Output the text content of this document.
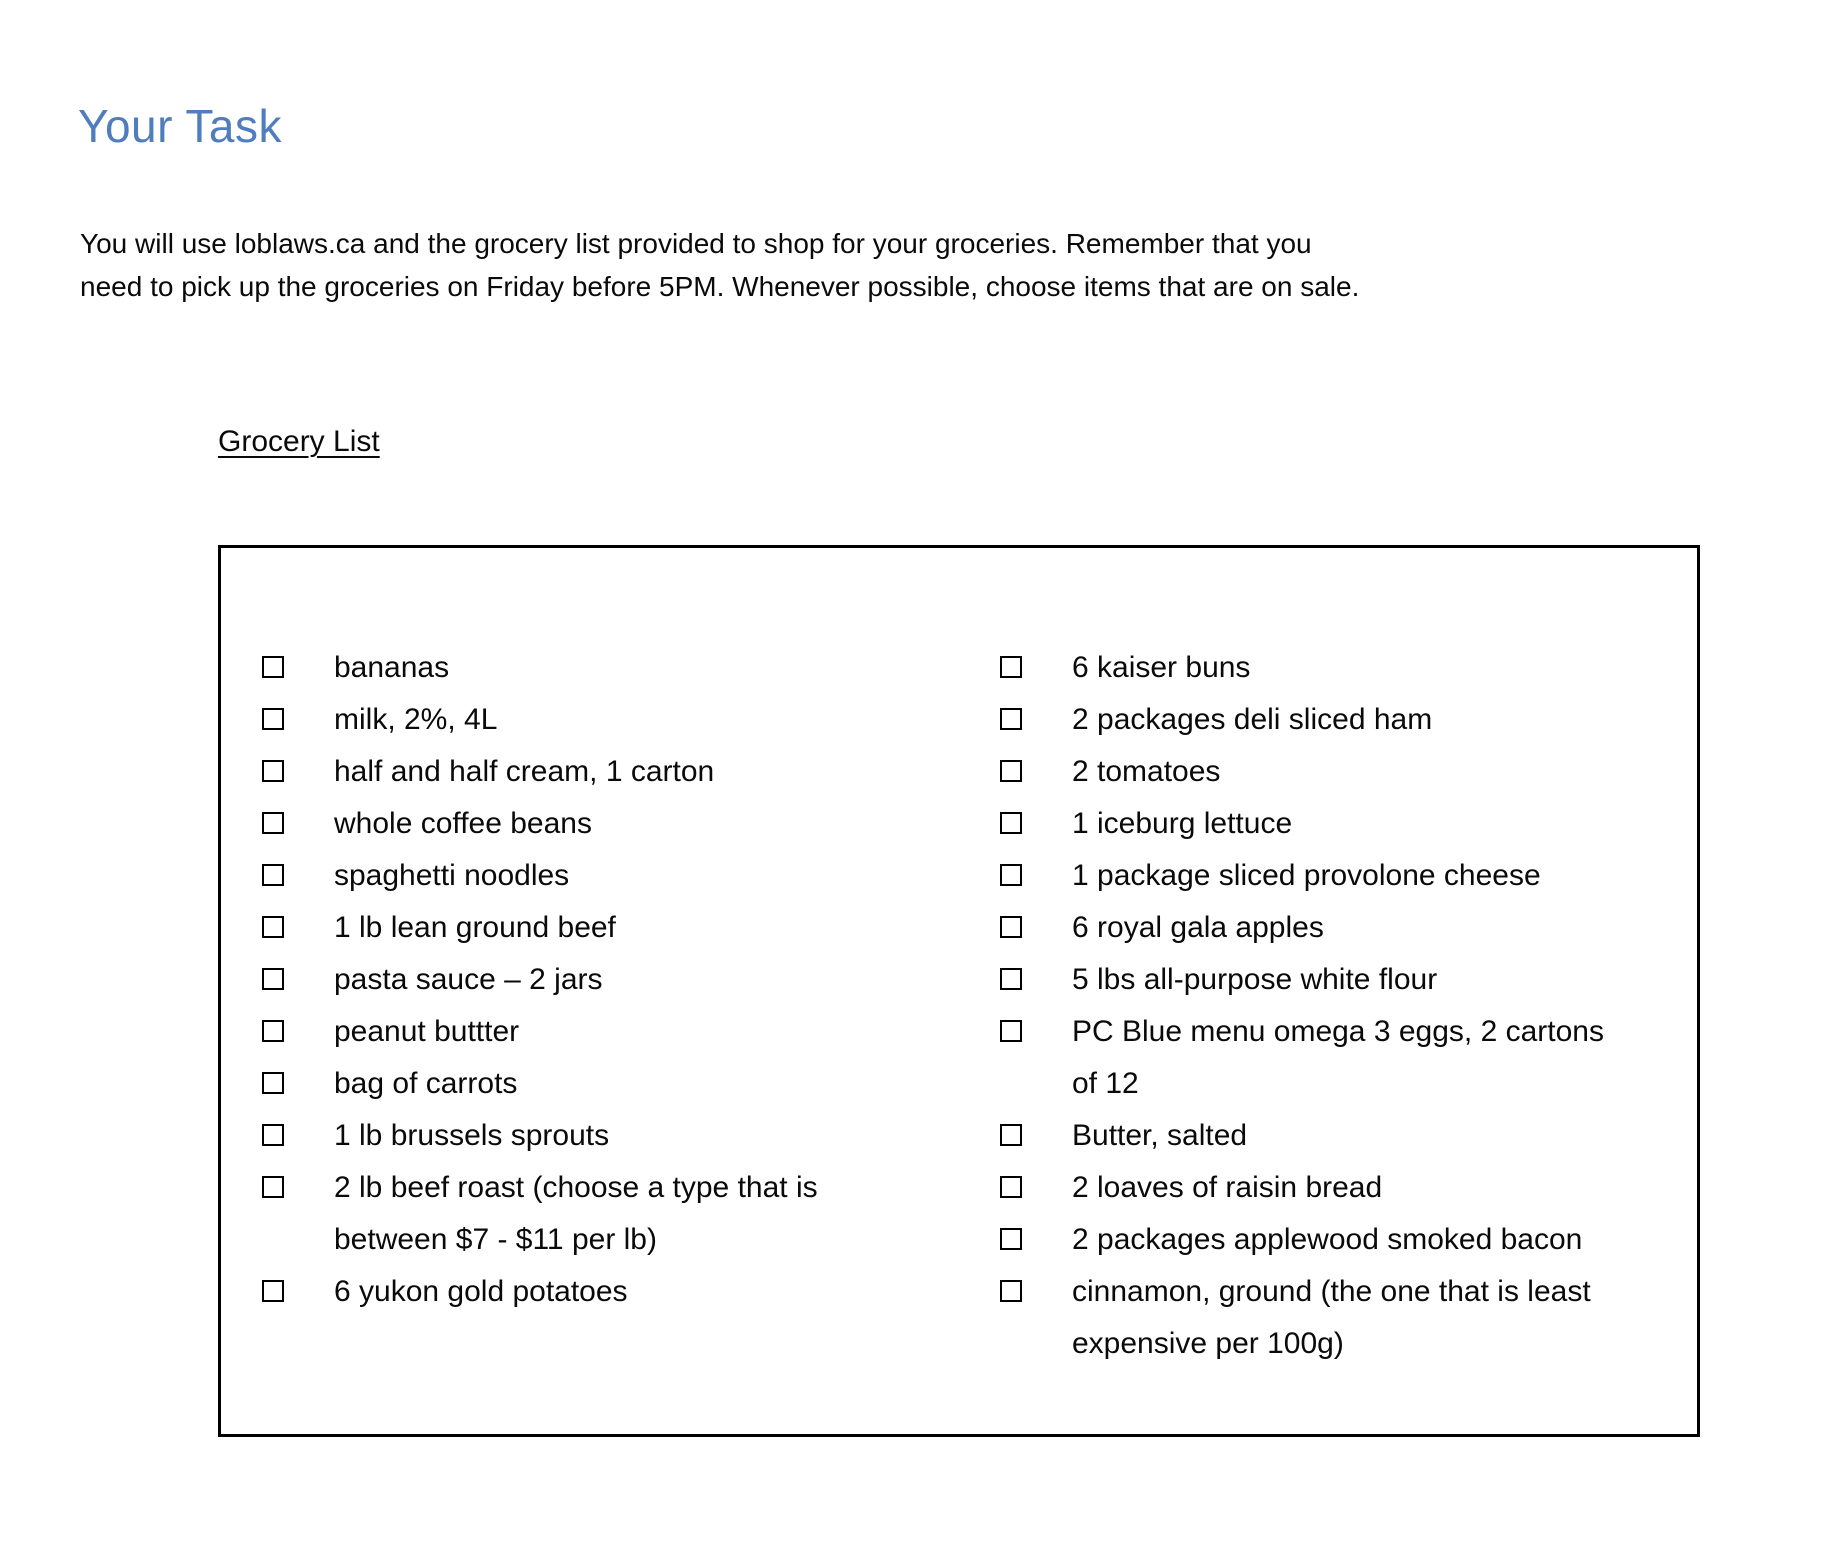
Your Task
You will use loblaws.ca and the grocery list provided to shop for your groceries. Remember that you
need to pick up the groceries on Friday before 5PM. Whenever possible, choose items that are on sale.
Grocery List
bananas
milk, 2%, 4L
half and half cream, 1 carton
whole coffee beans
spaghetti noodles
1 lb lean ground beef
pasta sauce – 2 jars
peanut buttter
bag of carrots
1 lb brussels sprouts
2 lb beef roast (choose a type that is
between $7 - $11 per lb)
6 yukon gold potatoes
6 kaiser buns
2 packages deli sliced ham
2 tomatoes
1 iceburg lettuce
1 package sliced provolone cheese
6 royal gala apples
5 lbs all-purpose white flour
PC Blue menu omega 3 eggs, 2 cartons
of 12
Butter, salted
2 loaves of raisin bread
2 packages applewood smoked bacon
cinnamon, ground (the one that is least
expensive per 100g)
